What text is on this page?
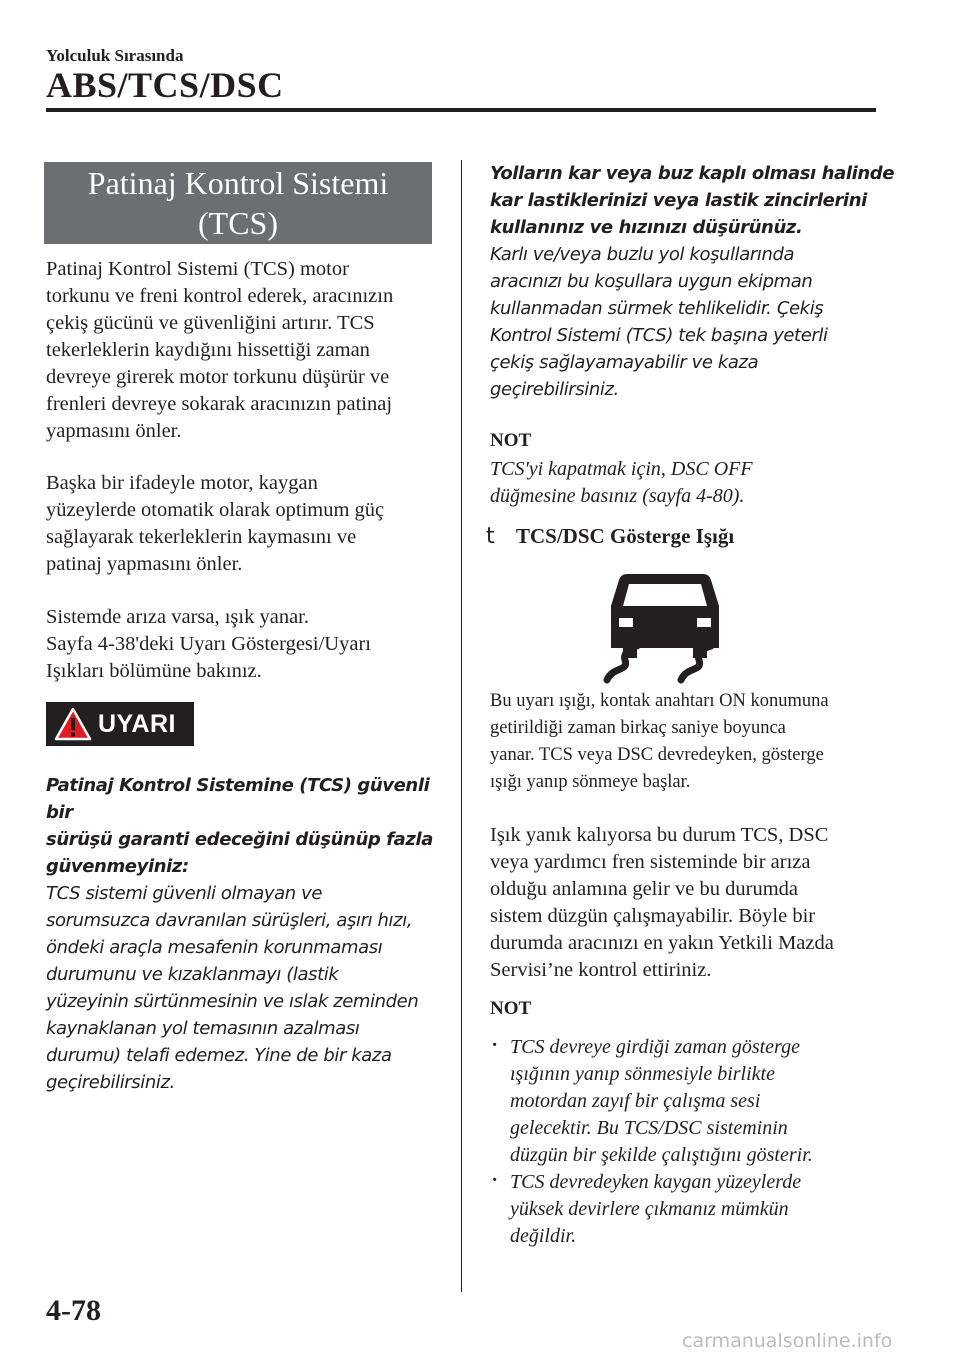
Yolculuk Sırasında
ABS/TCS/DSC
Patinaj Kontrol Sistemi
(TCS)
Patinaj Kontrol Sistemi (TCS) motor
torkunu ve freni kontrol ederek, aracınızın
çekiş gücünü ve güvenliğini artırır. TCS
tekerleklerin kaydığını hissettiği zaman
devreye girerek motor torkunu düşürür ve
frenleri devreye sokarak aracınızın patinaj
yapmasını önler.
Başka bir ifadeyle motor, kaygan
yüzeylerde otomatik olarak optimum güç
sağlayarak tekerleklerin kaymasını ve
patinaj yapmasını önler.
Sistemde arıza varsa, ışık yanar.
Sayfa 4-38'deki Uyarı Göstergesi/Uyarı
Işıkları bölümüne bakınız.
UYARI
Patinaj Kontrol Sistemine (TCS) güvenli bir
sürüşü garanti edeceğini düşünüp fazla
güvenmeyiniz:
TCS sistemi güvenli olmayan ve
sorumsuzca davranılan sürüşleri, aşırı hızı,
öndeki araçla mesafenin korunmaması
durumunu ve kızaklanmayı (lastik
yüzeyinin sürtünmesinin ve ıslak zeminden
kaynaklanan yol temasının azalması
durumu) telafi edemez. Yine de bir kaza
geçirebilirsiniz.
Yolların kar veya buz kaplı olması halinde
kar lastiklerinizi veya lastik zincirlerini
kullanınız ve hızınızı düşürünüz.
Karlı ve/veya buzlu yol koşullarında
aracınızı bu koşullara uygun ekipman
kullanmadan sürmek tehlikelidir. Çekiş
Kontrol Sistemi (TCS) tek başına yeterli
çekiş sağlayamayabilir ve kaza
geçirebilirsiniz.
NOT
TCS'yi kapatmak için, DSC OFF
düğmesine basınız (sayfa 4-80).
t TCS/DSC Gösterge Işığı
Bu uyarı ışığı, kontak anahtarı ON konumuna
getirildiği zaman birkaç saniye boyunca
yanar. TCS veya DSC devredeyken, gösterge
ışığı yanıp sönmeye başlar.
Işık yanık kalıyorsa bu durum TCS, DSC
veya yardımcı fren sisteminde bir arıza
olduğu anlamına gelir ve bu durumda
sistem düzgün çalışmayabilir. Böyle bir
durumda aracınızı en yakın Yetkili Mazda
Servisi’ne kontrol ettiriniz.
NOT
· TCS devreye girdiği zaman gösterge
ışığının yanıp sönmesiyle birlikte
motordan zayıf bir çalışma sesi
gelecektir. Bu TCS/DSC sisteminin
düzgün bir şekilde çalıştığını gösterir.
· TCS devredeyken kaygan yüzeylerde
yüksek devirlere çıkmanız mümkün
değildir.
4-78
carmanualsonline.info
